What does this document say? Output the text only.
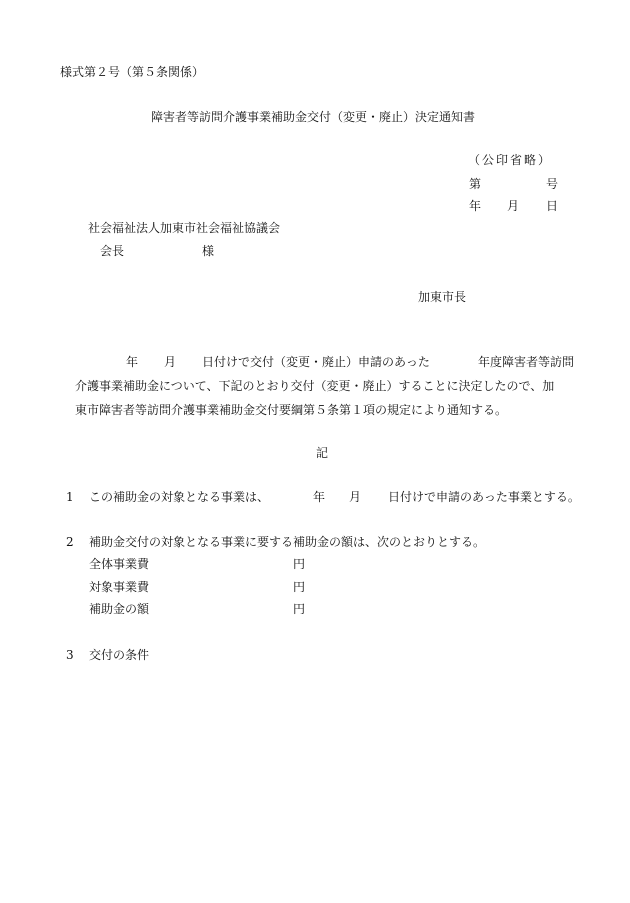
様式第２号（第５条関係）
障害者等訪問介護事業補助金交付（変更・廃止）決定通知書
（公印省略）
第	号
年 月 日
社会福祉法人加東市社会福祉協議会
会長	様
加東市長
年 月 日付けで交付（変更・廃止）申請のあった	年度障害者等訪問
介護事業補助金について、下記のとおり交付（変更・廃止）することに決定したので、加
東市障害者等訪問介護事業補助金交付要綱第５条第１項の規定により通知する。
記
1 この補助金の対象となる事業は、	年 月 日付けで申請のあった事業とする。
2 補助金交付の対象となる事業に要する補助金の額は、次のとおりとする。
全体事業費	円
対象事業費	円
補助金の額	円
3 交付の条件
